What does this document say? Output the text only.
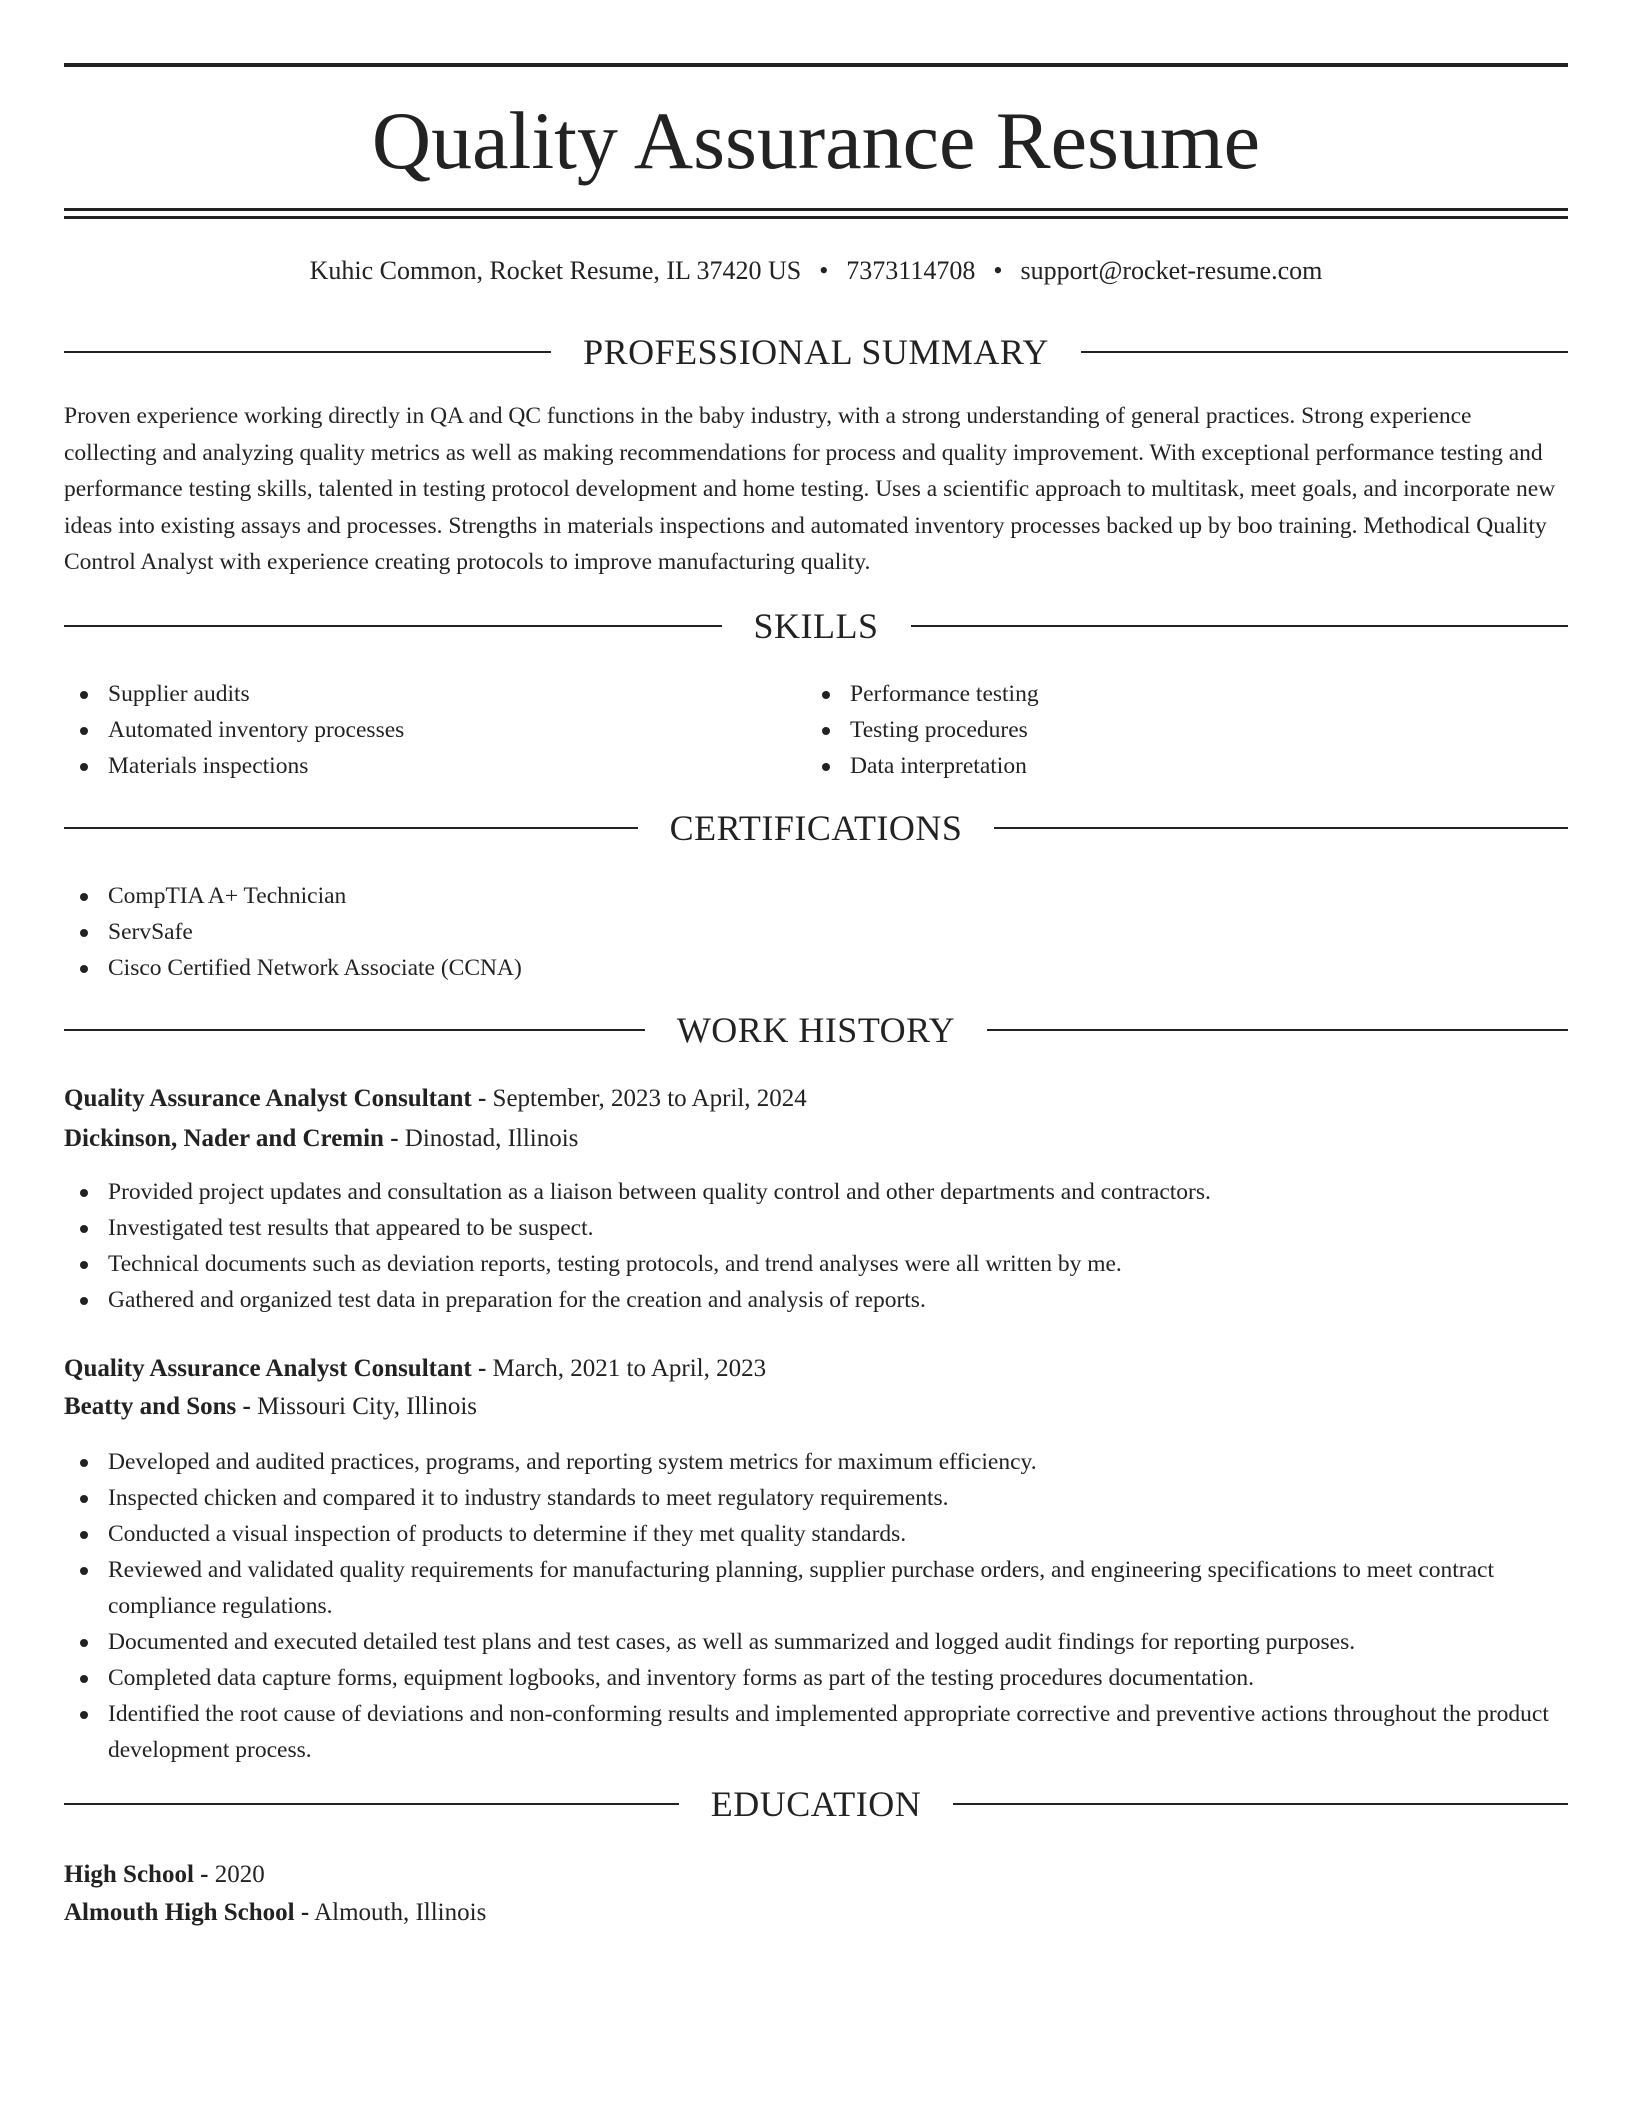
Quality Assurance Resume
Kuhic Common, Rocket Resume, IL 37420 US • 7373114708 • support@rocket-resume.com
PROFESSIONAL SUMMARY

Proven experience working directly in QA and QC functions in the baby industry, with a strong understanding of general practices. Strong experience collecting and analyzing quality metrics as well as making recommendations for process and quality improvement. With exceptional performance testing and performance testing skills, talented in testing protocol development and home testing. Uses a scientific approach to multitask, meet goals, and incorporate new ideas into existing assays and processes. Strengths in materials inspections and automated inventory processes backed up by boo training. Methodical Quality Control Analyst with experience creating protocols to improve manufacturing quality.

SKILLS
Supplier audits
Automated inventory processes
Materials inspections
Performance testing
Testing procedures
Data interpretation
CERTIFICATIONS
CompTIA A+ Technician
ServSafe
Cisco Certified Network Associate (CCNA)
WORK HISTORY
Quality Assurance Analyst Consultant - September, 2023 to April, 2024
Dickinson, Nader and Cremin - Dinostad, Illinois
Provided project updates and consultation as a liaison between quality control and other departments and contractors.
Investigated test results that appeared to be suspect.
Technical documents such as deviation reports, testing protocols, and trend analyses were all written by me.
Gathered and organized test data in preparation for the creation and analysis of reports.
Quality Assurance Analyst Consultant - March, 2021 to April, 2023
Beatty and Sons - Missouri City, Illinois
Developed and audited practices, programs, and reporting system metrics for maximum efficiency.
Inspected chicken and compared it to industry standards to meet regulatory requirements.
Conducted a visual inspection of products to determine if they met quality standards.
Reviewed and validated quality requirements for manufacturing planning, supplier purchase orders, and engineering specifications to meet contract compliance regulations.
Documented and executed detailed test plans and test cases, as well as summarized and logged audit findings for reporting purposes.
Completed data capture forms, equipment logbooks, and inventory forms as part of the testing procedures documentation.
Identified the root cause of deviations and non-conforming results and implemented appropriate corrective and preventive actions throughout the product development process.
EDUCATION
High School - 2020
Almouth High School - Almouth, Illinois
